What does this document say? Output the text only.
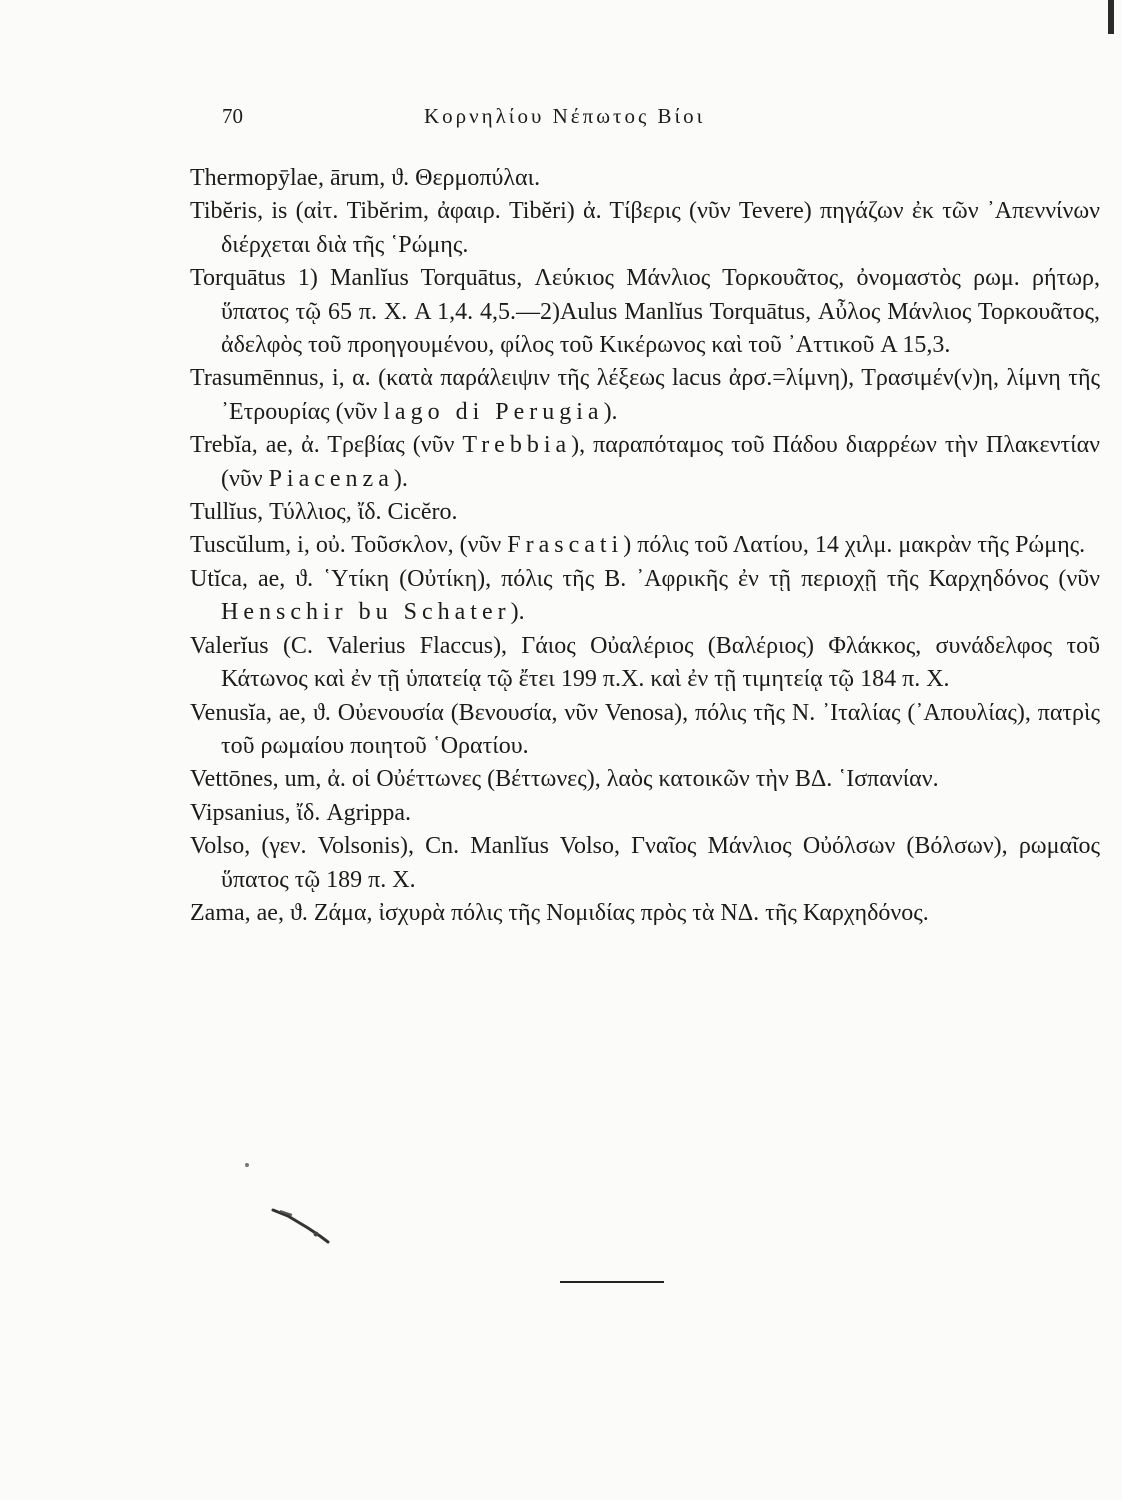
70	Κορνηλίου Νέπωτος Βίοι

Thermopȳlae, ārum, ϑ. Θερμοπύλαι.

Tibĕris, is (αἰτ. Tibĕrim, ἀφαιρ. Tibĕri) ἀ. Τίβερις (νῦν Tevere) πηγάζων ἐκ τῶν ᾿Απεννίνων διέρχεται διὰ τῆς ῾Ρώμης.

Torquātus 1) Manlĭus Torquātus, Λεύκιος Μάνλιος Τορκουᾶτος, ὀνομαστὸς ρωμ. ρήτωρ, ὕπατος τῷ 65 π. Χ. A 1,4. 4,5.—2)Aulus Manlĭus Torquātus, Αὖλος Μάνλιος Τορκουᾶτος, ἀδελφὸς τοῦ προηγουμένου, φίλος τοῦ Κικέρωνος καὶ τοῦ ᾿Αττικοῦ A 15,3.

Trasumēnnus, i, α. (κατὰ παράλειψιν τῆς λέξεως lacus ἀρσ.=λίμνη), Τρασιμέν(ν)η, λίμνη τῆς ᾿Ετρουρίας (νῦν lago di Perugia).

Trebĭa, ae, ἀ. Τρεβίας (νῦν Trebbia), παραπόταμος τοῦ Πάδου διαρρέων τὴν Πλακεντίαν (νῦν Piacenza).

Tullĭus, Τύλλιος, ἴδ. Cicĕro.

Tuscŭlum, i, οὐ. Τοῦσκλον, (νῦν Frascati) πόλις τοῦ Λατίου, 14 χιλμ. μακρὰν τῆς Ρώμης.

Utĭca, ae, ϑ. ῾Υτίκη (Οὐτίκη), πόλις τῆς Β. ᾿Αφρικῆς ἐν τῇ περιοχῇ τῆς Καρχηδόνος (νῦν Henschir bu Schater).

Valerĭus (C. Valerius Flaccus), Γάιος Οὐαλέριος (Βαλέριος) Φλάκκος, συνάδελφος τοῦ Κάτωνος καὶ ἐν τῇ ὑπατείᾳ τῷ ἔτει 199 π.Χ. καὶ ἐν τῇ τιμητείᾳ τῷ 184 π. Χ.

Venusĭa, ae, ϑ. Οὐενουσία (Βενουσία, νῦν Venosa), πόλις τῆς Ν. ᾿Ιταλίας (᾿Απουλίας), πατρὶς τοῦ ρωμαίου ποιητοῦ ῾Ορατίου.

Vettōnes, um, ἀ. οἱ Οὐέττωνες (Βέττωνες), λαὸς κατοικῶν τὴν ΒΔ. ῾Ισπανίαν.

Vipsanius, ἴδ. Agrippa.

Volso, (γεν. Volsonis), Cn. Manlĭus Volso, Γναῖος Μάνλιος Οὐόλσων (Βόλσων), ρωμαῖος ὕπατος τῷ 189 π. Χ.

Zama, ae, ϑ. Ζάμα, ἰσχυρὰ πόλις τῆς Νομιδίας πρὸς τὰ ΝΔ. τῆς Καρχηδόνος.
